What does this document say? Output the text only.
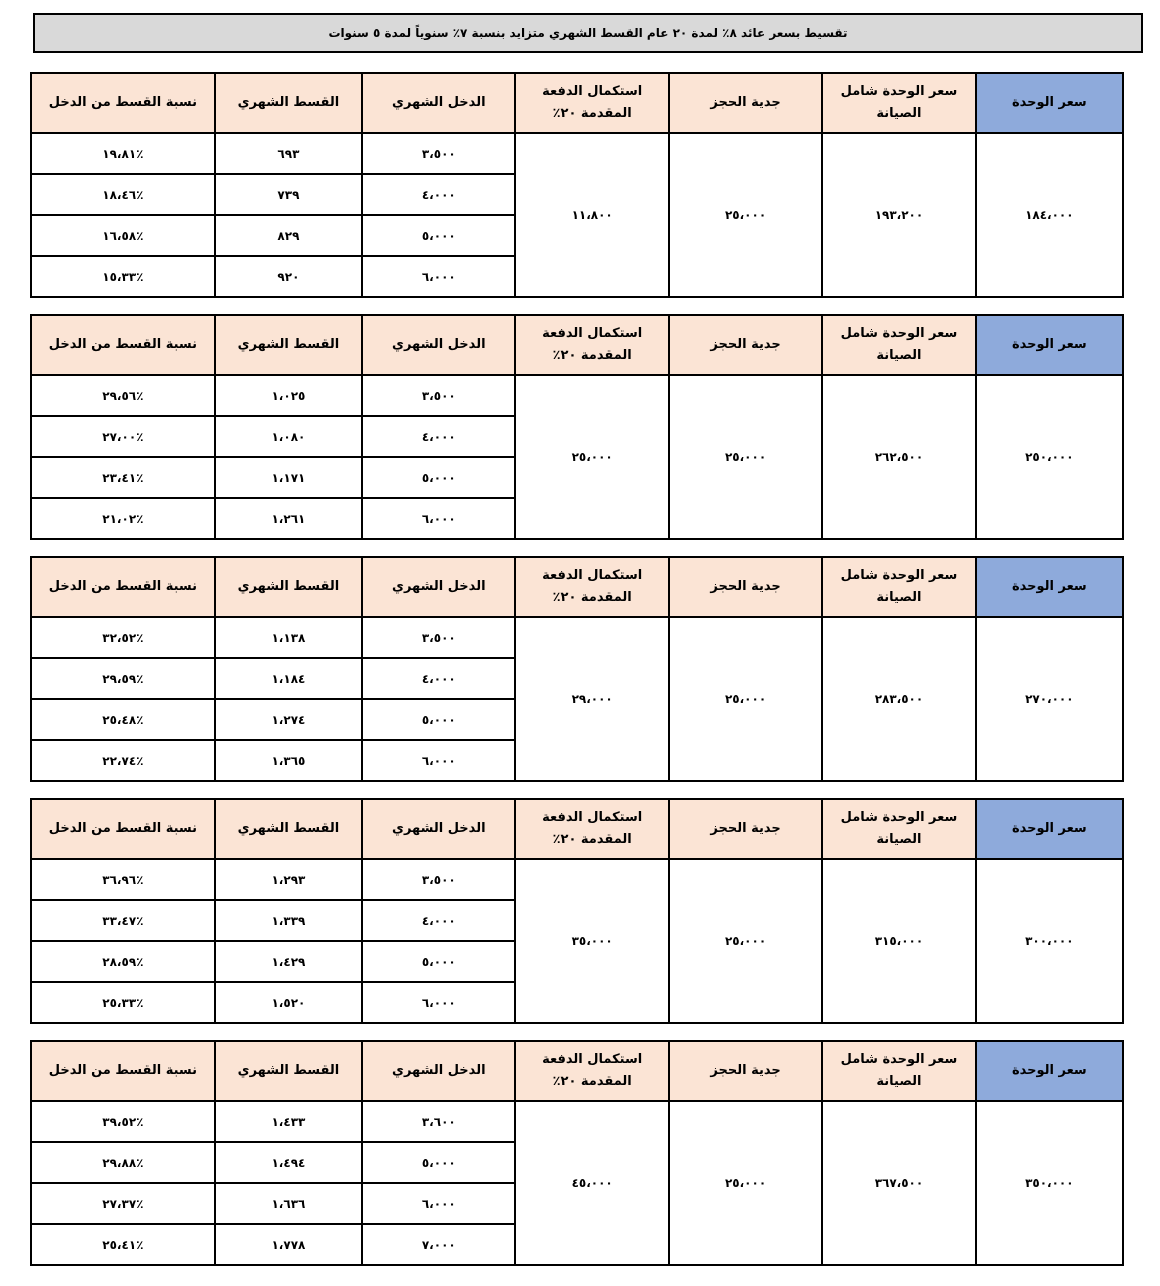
تقسيط بسعر عائد ٨٪ لمدة ٢٠ عام القسط الشهري متزايد بنسبة ٧٪ سنوياً لمدة ٥ سنوات
سعر الوحدة	سعر الوحدة شامل الصيانة	جدية الحجز	استكمال الدفعة المقدمة ٢٠٪	الدخل الشهري	القسط الشهري	نسبة القسط من الدخل
١٨٤،٠٠٠	١٩٣،٢٠٠	٢٥،٠٠٠	١١،٨٠٠	٣،٥٠٠	٦٩٣	٪١٩،٨١
				٤،٠٠٠	٧٣٩	٪١٨،٤٦
				٥،٠٠٠	٨٢٩	٪١٦،٥٨
				٦،٠٠٠	٩٢٠	٪١٥،٣٣
سعر الوحدة	سعر الوحدة شامل الصيانة	جدية الحجز	استكمال الدفعة المقدمة ٢٠٪	الدخل الشهري	القسط الشهري	نسبة القسط من الدخل
٢٥٠،٠٠٠	٢٦٢،٥٠٠	٢٥،٠٠٠	٢٥،٠٠٠	٣،٥٠٠	١،٠٢٥	٪٢٩،٥٦
				٤،٠٠٠	١،٠٨٠	٪٢٧،٠٠
				٥،٠٠٠	١،١٧١	٪٢٣،٤١
				٦،٠٠٠	١،٢٦١	٪٢١،٠٢
سعر الوحدة	سعر الوحدة شامل الصيانة	جدية الحجز	استكمال الدفعة المقدمة ٢٠٪	الدخل الشهري	القسط الشهري	نسبة القسط من الدخل
٢٧٠،٠٠٠	٢٨٣،٥٠٠	٢٥،٠٠٠	٢٩،٠٠٠	٣،٥٠٠	١،١٣٨	٪٣٢،٥٢
				٤،٠٠٠	١،١٨٤	٪٢٩،٥٩
				٥،٠٠٠	١،٢٧٤	٪٢٥،٤٨
				٦،٠٠٠	١،٣٦٥	٪٢٢،٧٤
سعر الوحدة	سعر الوحدة شامل الصيانة	جدية الحجز	استكمال الدفعة المقدمة ٢٠٪	الدخل الشهري	القسط الشهري	نسبة القسط من الدخل
٣٠٠،٠٠٠	٣١٥،٠٠٠	٢٥،٠٠٠	٣٥،٠٠٠	٣،٥٠٠	١،٢٩٣	٪٣٦،٩٦
				٤،٠٠٠	١،٣٣٩	٪٣٣،٤٧
				٥،٠٠٠	١،٤٢٩	٪٢٨،٥٩
				٦،٠٠٠	١،٥٢٠	٪٢٥،٣٣
سعر الوحدة	سعر الوحدة شامل الصيانة	جدية الحجز	استكمال الدفعة المقدمة ٢٠٪	الدخل الشهري	القسط الشهري	نسبة القسط من الدخل
٣٥٠،٠٠٠	٣٦٧،٥٠٠	٢٥،٠٠٠	٤٥،٠٠٠	٣،٦٠٠	١،٤٣٣	٪٣٩،٥٢
				٥،٠٠٠	١،٤٩٤	٪٢٩،٨٨
				٦،٠٠٠	١،٦٣٦	٪٢٧،٣٧
				٧،٠٠٠	١،٧٧٨	٪٢٥،٤١
